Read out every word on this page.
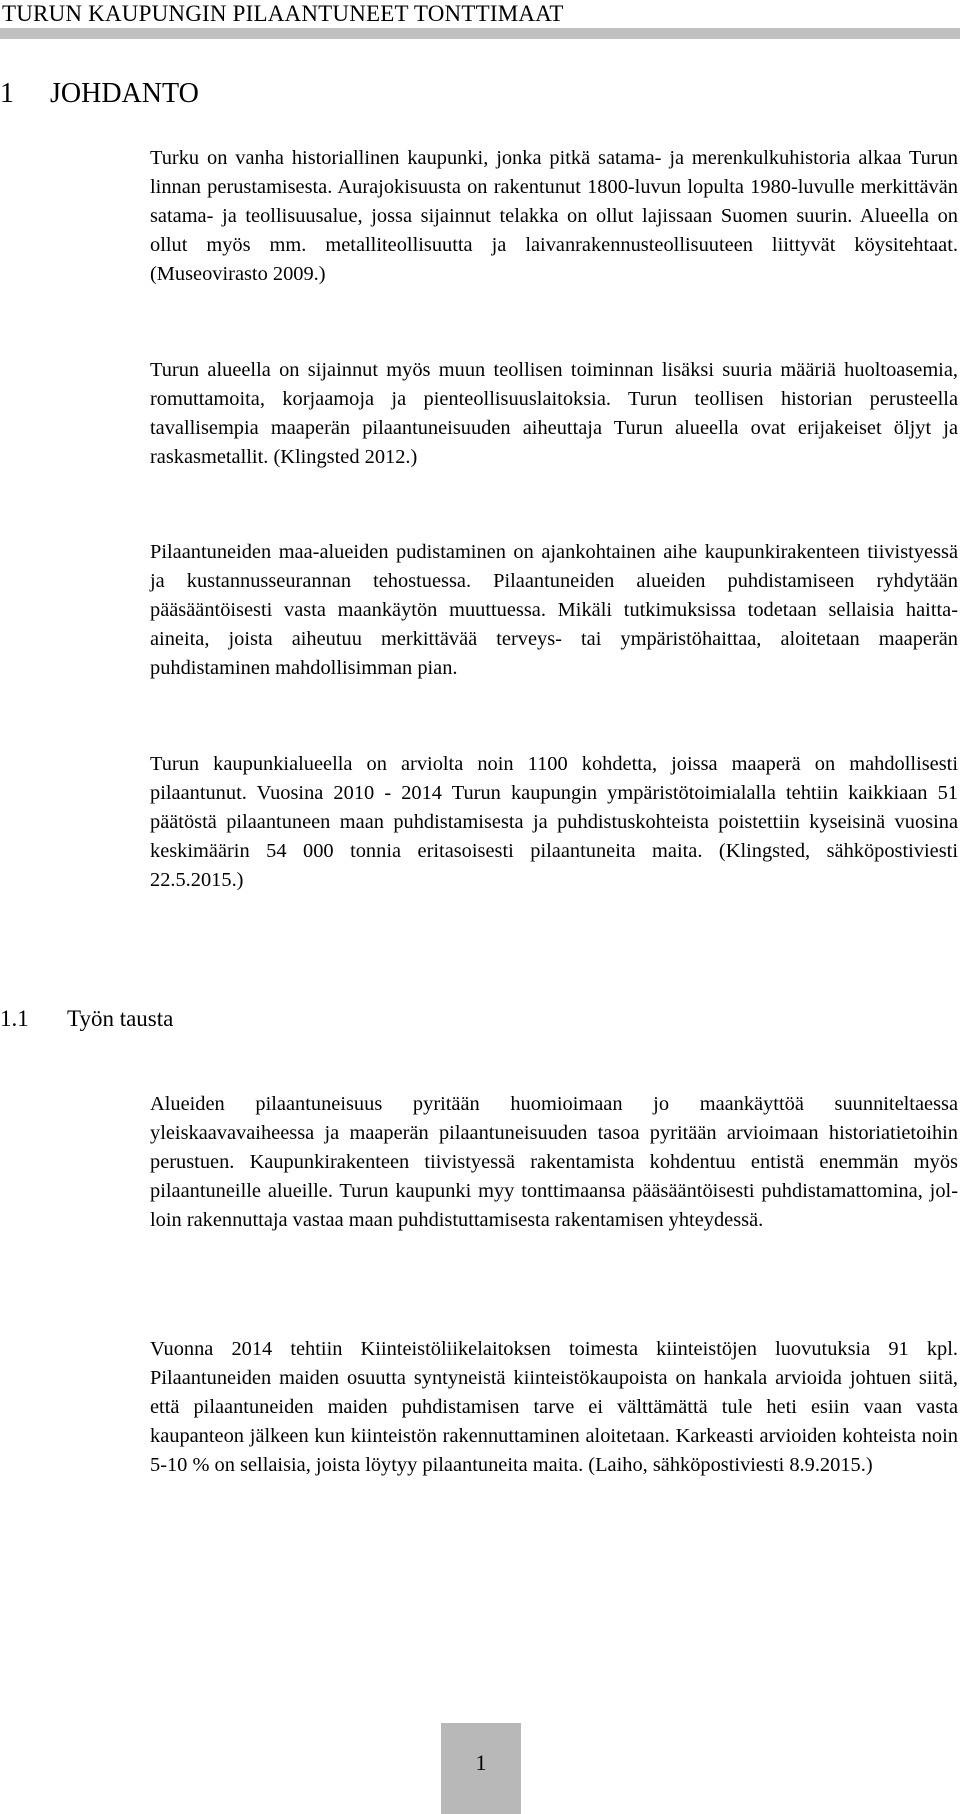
TURUN KAUPUNGIN PILAANTUNEET TONTTIMAAT
1 JOHDANTO

Turku on vanha historiallinen kaupunki, jonka pitkä satama- ja merenkulkuhistoria alkaa Turun linnan perustamisesta. Aurajokisuusta on rakentunut 1800-luvun lopulta 1980-luvulle merkittävän satama- ja teollisuusalue, jossa sijainnut telakka on ollut lajissaan Suomen suurin. Alueella on ollut myös mm. metalliteollisuutta ja laivanrakennusteollisuuteen liittyvät köysitehtaat. (Museovirasto 2009.)

Turun alueella on sijainnut myös muun teollisen toiminnan lisäksi suuria määriä huoltoasemia, romuttamoita, korjaamoja ja pienteollisuuslaitoksia. Turun teollisen historian perusteella tavallisempia maaperän pilaantuneisuuden aiheuttaja Turun alueella ovat erijakeiset öljyt ja raskasmetallit. (Klingsted 2012.)

Pilaantuneiden maa-alueiden pudistaminen on ajankohtainen aihe kaupunkirakenteen tiivistyessä ja kustannusseurannan tehostuessa. Pilaantuneiden alueiden puhdistamiseen ryhdytään pääsääntöisesti vasta maankäytön muuttuessa. Mikäli tutkimuksissa todetaan sellaisia haitta-aineita, joista aiheutuu merkittävää terveys- tai ympäristöhaittaa, aloitetaan maaperän puhdistaminen mahdollisimman pian.

Turun kaupunkialueella on arviolta noin 1100 kohdetta, joissa maaperä on mahdollisesti pilaantunut. Vuosina 2010 - 2014 Turun kaupungin ympäristötoimialalla tehtiin kaikkiaan 51 päätöstä pilaantuneen maan puhdistamisesta ja puhdistuskohteista poistettiin kyseisinä vuosina keskimäärin 54 000 tonnia eritasoisesti pilaantuneita maita. (Klingsted, sähköpostiviesti 22.5.2015.)

1.1 Työn tausta

Alueiden pilaantuneisuus pyritään huomioimaan jo maankäyttöä suunniteltaessa yleiskaavavaiheessa ja maaperän pilaantuneisuuden tasoa pyritään arvioimaan historiatietoihin perustuen. Kaupunkirakenteen tiivistyessä rakentamista kohdentuu entistä enemmän myös pilaantuneille alueille. Turun kaupunki myy tonttimaansa pääsääntöisesti puhdistamattomina, jolloin rakennuttaja vastaa maan puhdistuttamisesta rakentamisen yhteydessä.

Vuonna 2014 tehtiin Kiinteistöliikelaitoksen toimesta kiinteistöjen luovutuksia 91 kpl. Pilaantuneiden maiden osuutta syntyneistä kiinteistökaupoista on hankala arvioida johtuen siitä, että pilaantuneiden maiden puhdistamisen tarve ei välttämättä tule heti esiin vaan vasta kaupanteon jälkeen kun kiinteistön rakennuttaminen aloitetaan. Karkeasti arvioiden kohteista noin 5-10 % on sellaisia, joista löytyy pilaantuneita maita. (Laiho, sähköpostiviesti 8.9.2015.)

1
